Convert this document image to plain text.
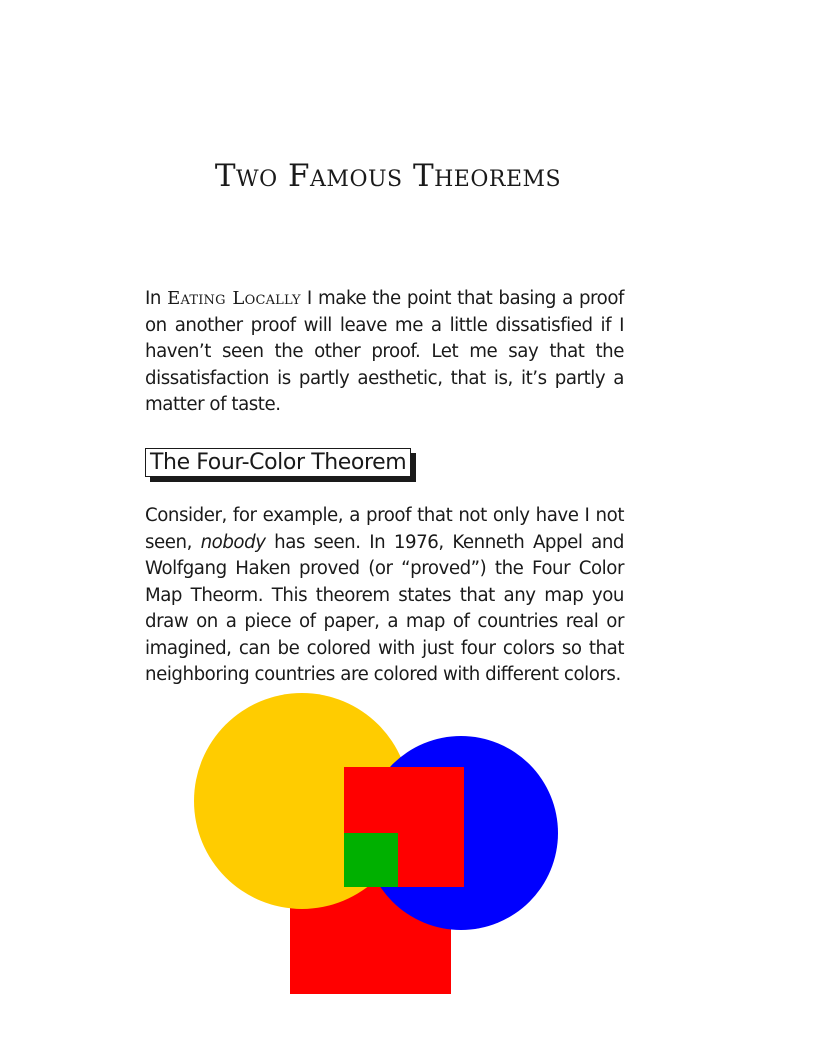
Two Famous Theorems

In Eating Locally I make the point that basing a proof on another proof will leave me a little dissatisfied if I haven’t seen the other proof. Let me say that the dissatisfaction is partly aesthetic, that is, it’s partly a matter of taste.

The Four-Color Theorem

Consider, for example, a proof that not only have I not seen, nobody has seen. In 1976, Kenneth Appel and Wolfgang Haken proved (or “proved”) the Four Color Map Theorm. This theorem states that any map you draw on a piece of paper, a map of countries real or imagined, can be colored with just four colors so that neighboring countries are colored with different colors.
